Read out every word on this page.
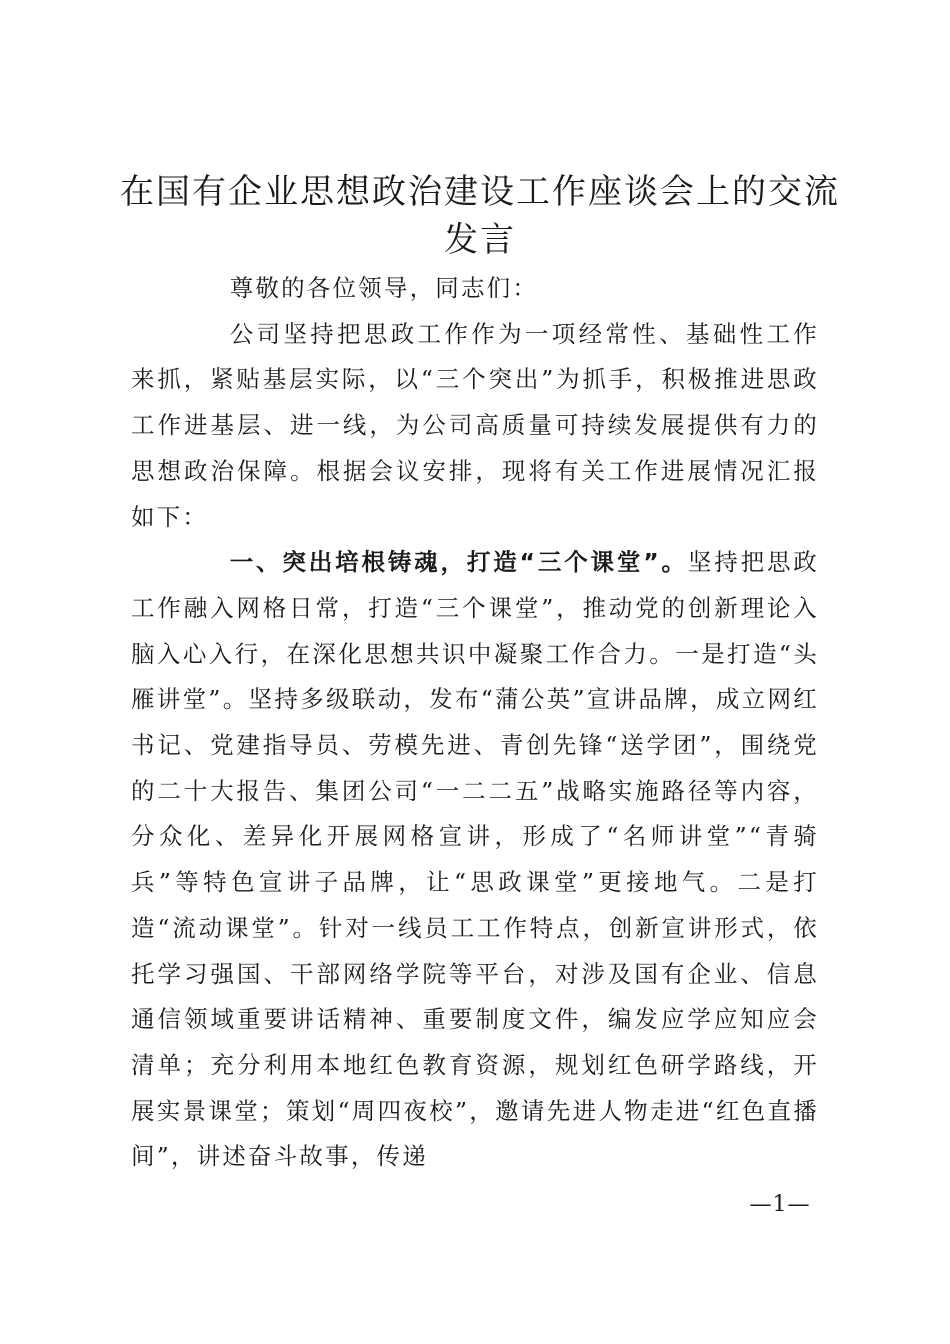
在国有企业思想政治建设工作座谈会上的交流发言

尊敬的各位领导，同志们：

公司坚持把思政工作作为一项经常性、基础性工作来抓，紧贴基层实际，以“三个突出”为抓手，积极推进思政工作进基层、进一线，为公司高质量可持续发展提供有力的思想政治保障。根据会议安排，现将有关工作进展情况汇报如下：

一、突出培根铸魂，打造“三个课堂”。坚持把思政工作融入网格日常，打造“三个课堂”，推动党的创新理论入脑入心入行，在深化思想共识中凝聚工作合力。一是打造“头雁讲堂”。坚持多级联动，发布“蒲公英”宣讲品牌，成立网红书记、党建指导员、劳模先进、青创先锋“送学团”，围绕党的二十大报告、集团公司“一二二五”战略实施路径等内容，分众化、差异化开展网格宣讲，形成了“名师讲堂”“青骑兵”等特色宣讲子品牌，让“思政课堂”更接地气。二是打造“流动课堂”。针对一线员工工作特点，创新宣讲形式，依托学习强国、干部网络学院等平台，对涉及国有企业、信息通信领域重要讲话精神、重要制度文件，编发应学应知应会清单；充分利用本地红色教育资源，规划红色研学路线，开展实景课堂；策划“周四夜校”，邀请先进人物走进“红色直播间”，讲述奋斗故事，传递

—1—
